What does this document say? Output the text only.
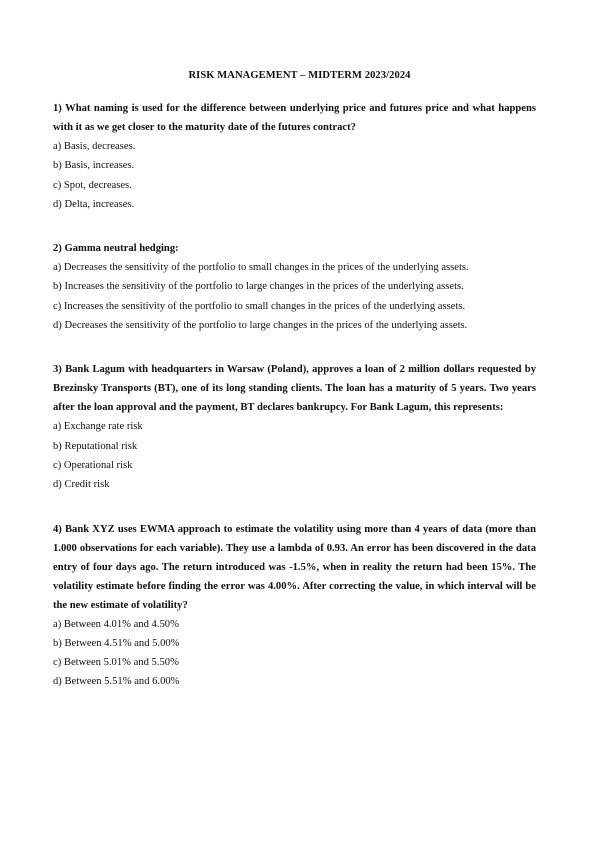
RISK MANAGEMENT – MIDTERM 2023/2024

1) What naming is used for the difference between underlying price and futures price and what happens with it as we get closer to the maturity date of the futures contract?

a) Basis, decreases.
b) Basis, increases.
c) Spot, decreases.
d) Delta, increases.

2) Gamma neutral hedging:

a) Decreases the sensitivity of the portfolio to small changes in the prices of the underlying assets.
b) Increases the sensitivity of the portfolio to large changes in the prices of the underlying assets.
c) Increases the sensitivity of the portfolio to small changes in the prices of the underlying assets.
d) Decreases the sensitivity of the portfolio to large changes in the prices of the underlying assets.

3) Bank Lagum with headquarters in Warsaw (Poland), approves a loan of 2 million dollars requested by Brezinsky Transports (BT), one of its long standing clients. The loan has a maturity of 5 years. Two years after the loan approval and the payment, BT declares bankrupcy. For Bank Lagum, this represents:

a) Exchange rate risk
b) Reputational risk
c) Operational risk
d) Credit risk

4) Bank XYZ uses EWMA approach to estimate the volatility using more than 4 years of data (more than 1.000 observations for each variable). They use a lambda of 0.93. An error has been discovered in the data entry of four days ago. The return introduced was -1.5%, when in reality the return had been 15%. The volatility estimate before finding the error was 4.00%. After correcting the value, in which interval will be the new estimate of volatility?

a) Between 4.01% and 4.50%
b) Between 4.51% and 5.00%
c) Between 5.01% and 5.50%
d) Between 5.51% and 6.00%
